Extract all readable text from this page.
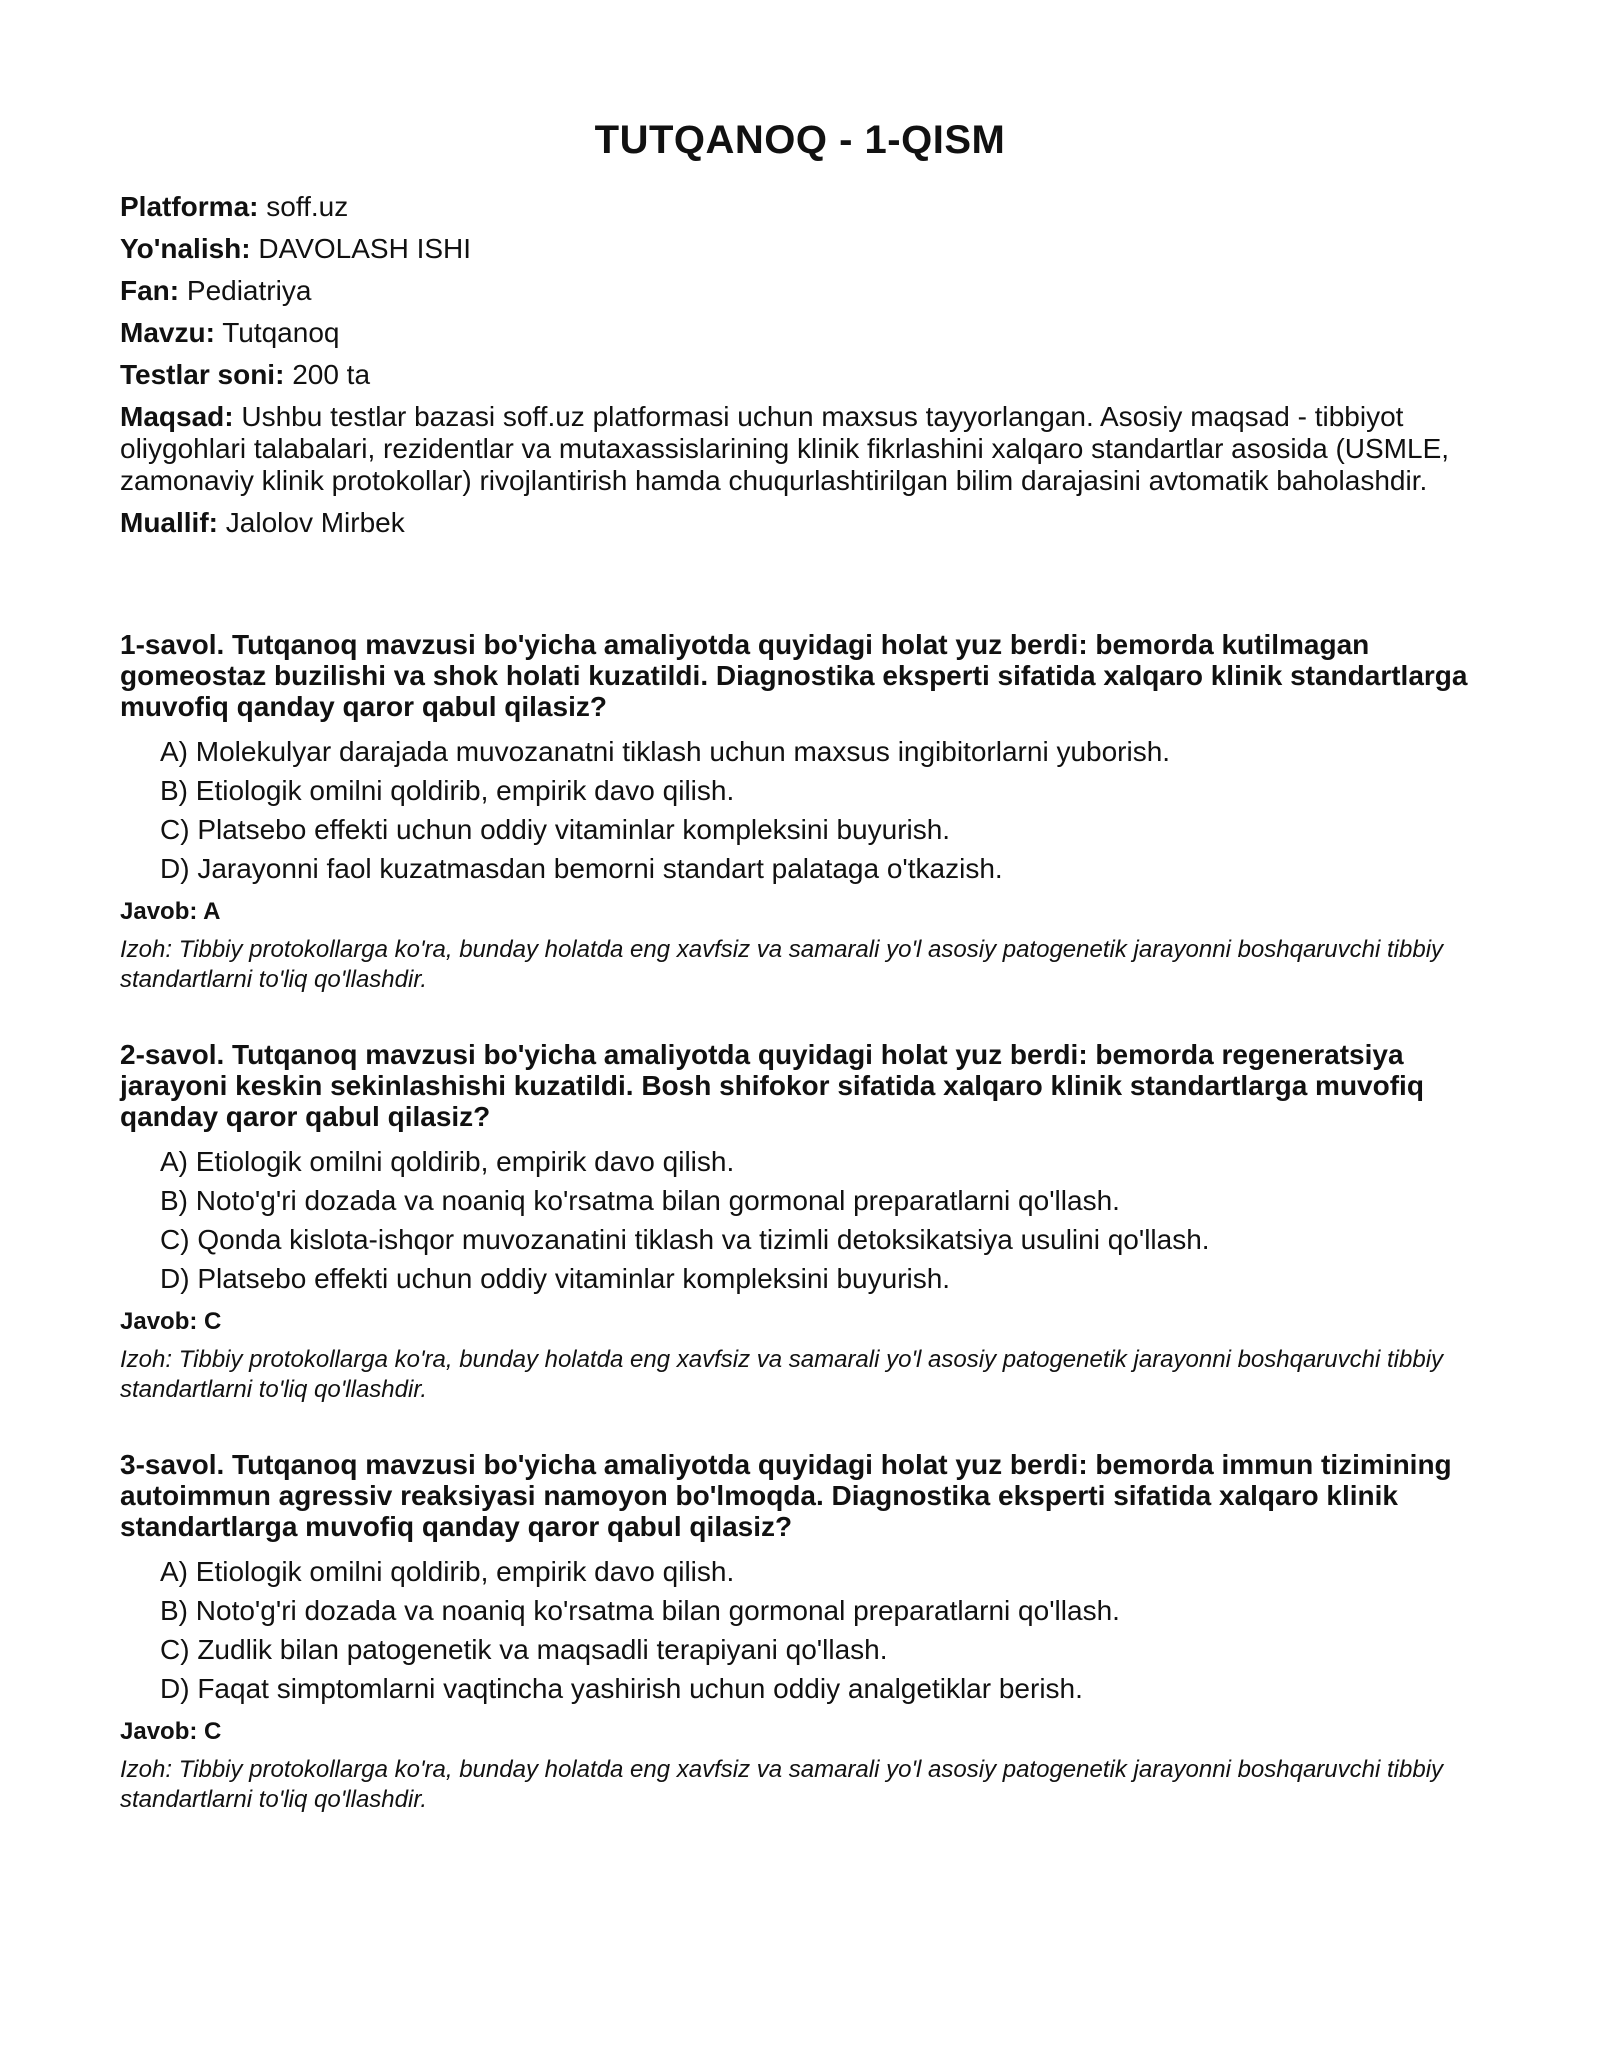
TUTQANOQ - 1-QISM
Platforma: soff.uz
Yo'nalish: DAVOLASH ISHI
Fan: Pediatriya
Mavzu: Tutqanoq
Testlar soni: 200 ta
Maqsad: Ushbu testlar bazasi soff.uz platformasi uchun maxsus tayyorlangan. Asosiy maqsad - tibbiyot oliygohlari talabalari, rezidentlar va mutaxassislarining klinik fikrlashini xalqaro standartlar asosida (USMLE, zamonaviy klinik protokollar) rivojlantirish hamda chuqurlashtirilgan bilim darajasini avtomatik baholashdir.
Muallif: Jalolov Mirbek

1-savol. Tutqanoq mavzusi bo'yicha amaliyotda quyidagi holat yuz berdi: bemorda kutilmagan gomeostaz buzilishi va shok holati kuzatildi. Diagnostika eksperti sifatida xalqaro klinik standartlarga muvofiq qanday qaror qabul qilasiz?

A) Molekulyar darajada muvozanatni tiklash uchun maxsus ingibitorlarni yuborish.
B) Etiologik omilni qoldirib, empirik davo qilish.
C) Platsebo effekti uchun oddiy vitaminlar kompleksini buyurish.
D) Jarayonni faol kuzatmasdan bemorni standart palataga o'tkazish.
Javob: A

Izoh: Tibbiy protokollarga ko'ra, bunday holatda eng xavfsiz va samarali yo'l asosiy patogenetik jarayonni boshqaruvchi tibbiy standartlarni to'liq qo'llashdir.

2-savol. Tutqanoq mavzusi bo'yicha amaliyotda quyidagi holat yuz berdi: bemorda regeneratsiya jarayoni keskin sekinlashishi kuzatildi. Bosh shifokor sifatida xalqaro klinik standartlarga muvofiq qanday qaror qabul qilasiz?

A) Etiologik omilni qoldirib, empirik davo qilish.
B) Noto'g'ri dozada va noaniq ko'rsatma bilan gormonal preparatlarni qo'llash.
C) Qonda kislota-ishqor muvozanatini tiklash va tizimli detoksikatsiya usulini qo'llash.
D) Platsebo effekti uchun oddiy vitaminlar kompleksini buyurish.
Javob: C

Izoh: Tibbiy protokollarga ko'ra, bunday holatda eng xavfsiz va samarali yo'l asosiy patogenetik jarayonni boshqaruvchi tibbiy standartlarni to'liq qo'llashdir.

3-savol. Tutqanoq mavzusi bo'yicha amaliyotda quyidagi holat yuz berdi: bemorda immun tizimining autoimmun agressiv reaksiyasi namoyon bo'lmoqda. Diagnostika eksperti sifatida xalqaro klinik standartlarga muvofiq qanday qaror qabul qilasiz?

A) Etiologik omilni qoldirib, empirik davo qilish.
B) Noto'g'ri dozada va noaniq ko'rsatma bilan gormonal preparatlarni qo'llash.
C) Zudlik bilan patogenetik va maqsadli terapiyani qo'llash.
D) Faqat simptomlarni vaqtincha yashirish uchun oddiy analgetiklar berish.
Javob: C

Izoh: Tibbiy protokollarga ko'ra, bunday holatda eng xavfsiz va samarali yo'l asosiy patogenetik jarayonni boshqaruvchi tibbiy standartlarni to'liq qo'llashdir.
